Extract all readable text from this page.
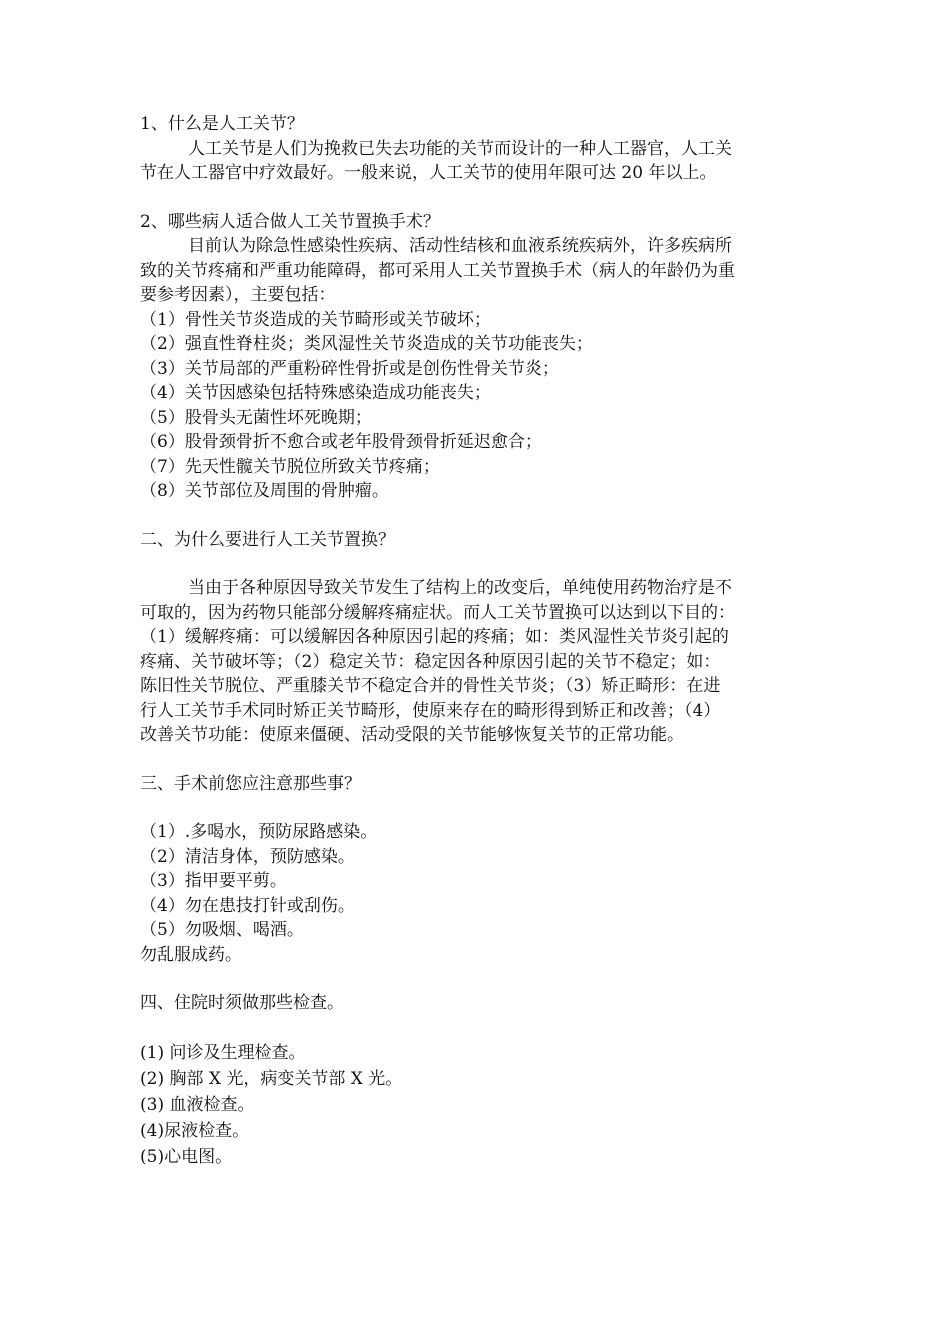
1、什么是人工关节？

人工关节是人们为挽救已失去功能的关节而设计的一种人工器官，人工关

节在人工器官中疗效最好。一般来说，人工关节的使用年限可达 20 年以上。

2、哪些病人适合做人工关节置换手术？

目前认为除急性感染性疾病、活动性结核和血液系统疾病外，许多疾病所

致的关节疼痛和严重功能障碍，都可采用人工关节置换手术（病人的年龄仍为重

要参考因素），主要包括：

（1）骨性关节炎造成的关节畸形或关节破坏；

（2）强直性脊柱炎；类风湿性关节炎造成的关节功能丧失；

（3）关节局部的严重粉碎性骨折或是创伤性骨关节炎；

（4）关节因感染包括特殊感染造成功能丧失；

（5）股骨头无菌性坏死晚期；

（6）股骨颈骨折不愈合或老年股骨颈骨折延迟愈合；

（7）先天性髋关节脱位所致关节疼痛；

（8）关节部位及周围的骨肿瘤。

二、为什么要进行人工关节置换？

当由于各种原因导致关节发生了结构上的改变后，单纯使用药物治疗是不

可取的，因为药物只能部分缓解疼痛症状。而人工关节置换可以达到以下目的：

（1）缓解疼痛：可以缓解因各种原因引起的疼痛；如：类风湿性关节炎引起的

疼痛、关节破坏等；（2）稳定关节：稳定因各种原因引起的关节不稳定；如：

陈旧性关节脱位、严重膝关节不稳定合并的骨性关节炎；（3）矫正畸形：在进

行人工关节手术同时矫正关节畸形，使原来存在的畸形得到矫正和改善；（4）

改善关节功能：使原来僵硬、活动受限的关节能够恢复关节的正常功能。

三、手术前您应注意那些事？

（1）.多喝水，预防尿路感染。

（2）清洁身体，预防感染。

（3）指甲要平剪。

（4）勿在患技打针或刮伤。

（5）勿吸烟、喝酒。

勿乱服成药。

四、住院时须做那些检查。

(1) 问诊及生理检查。

(2) 胸部 X 光，病变关节部 X 光。

(3) 血液检查。

(4)尿液检查。

(5)心电图。
